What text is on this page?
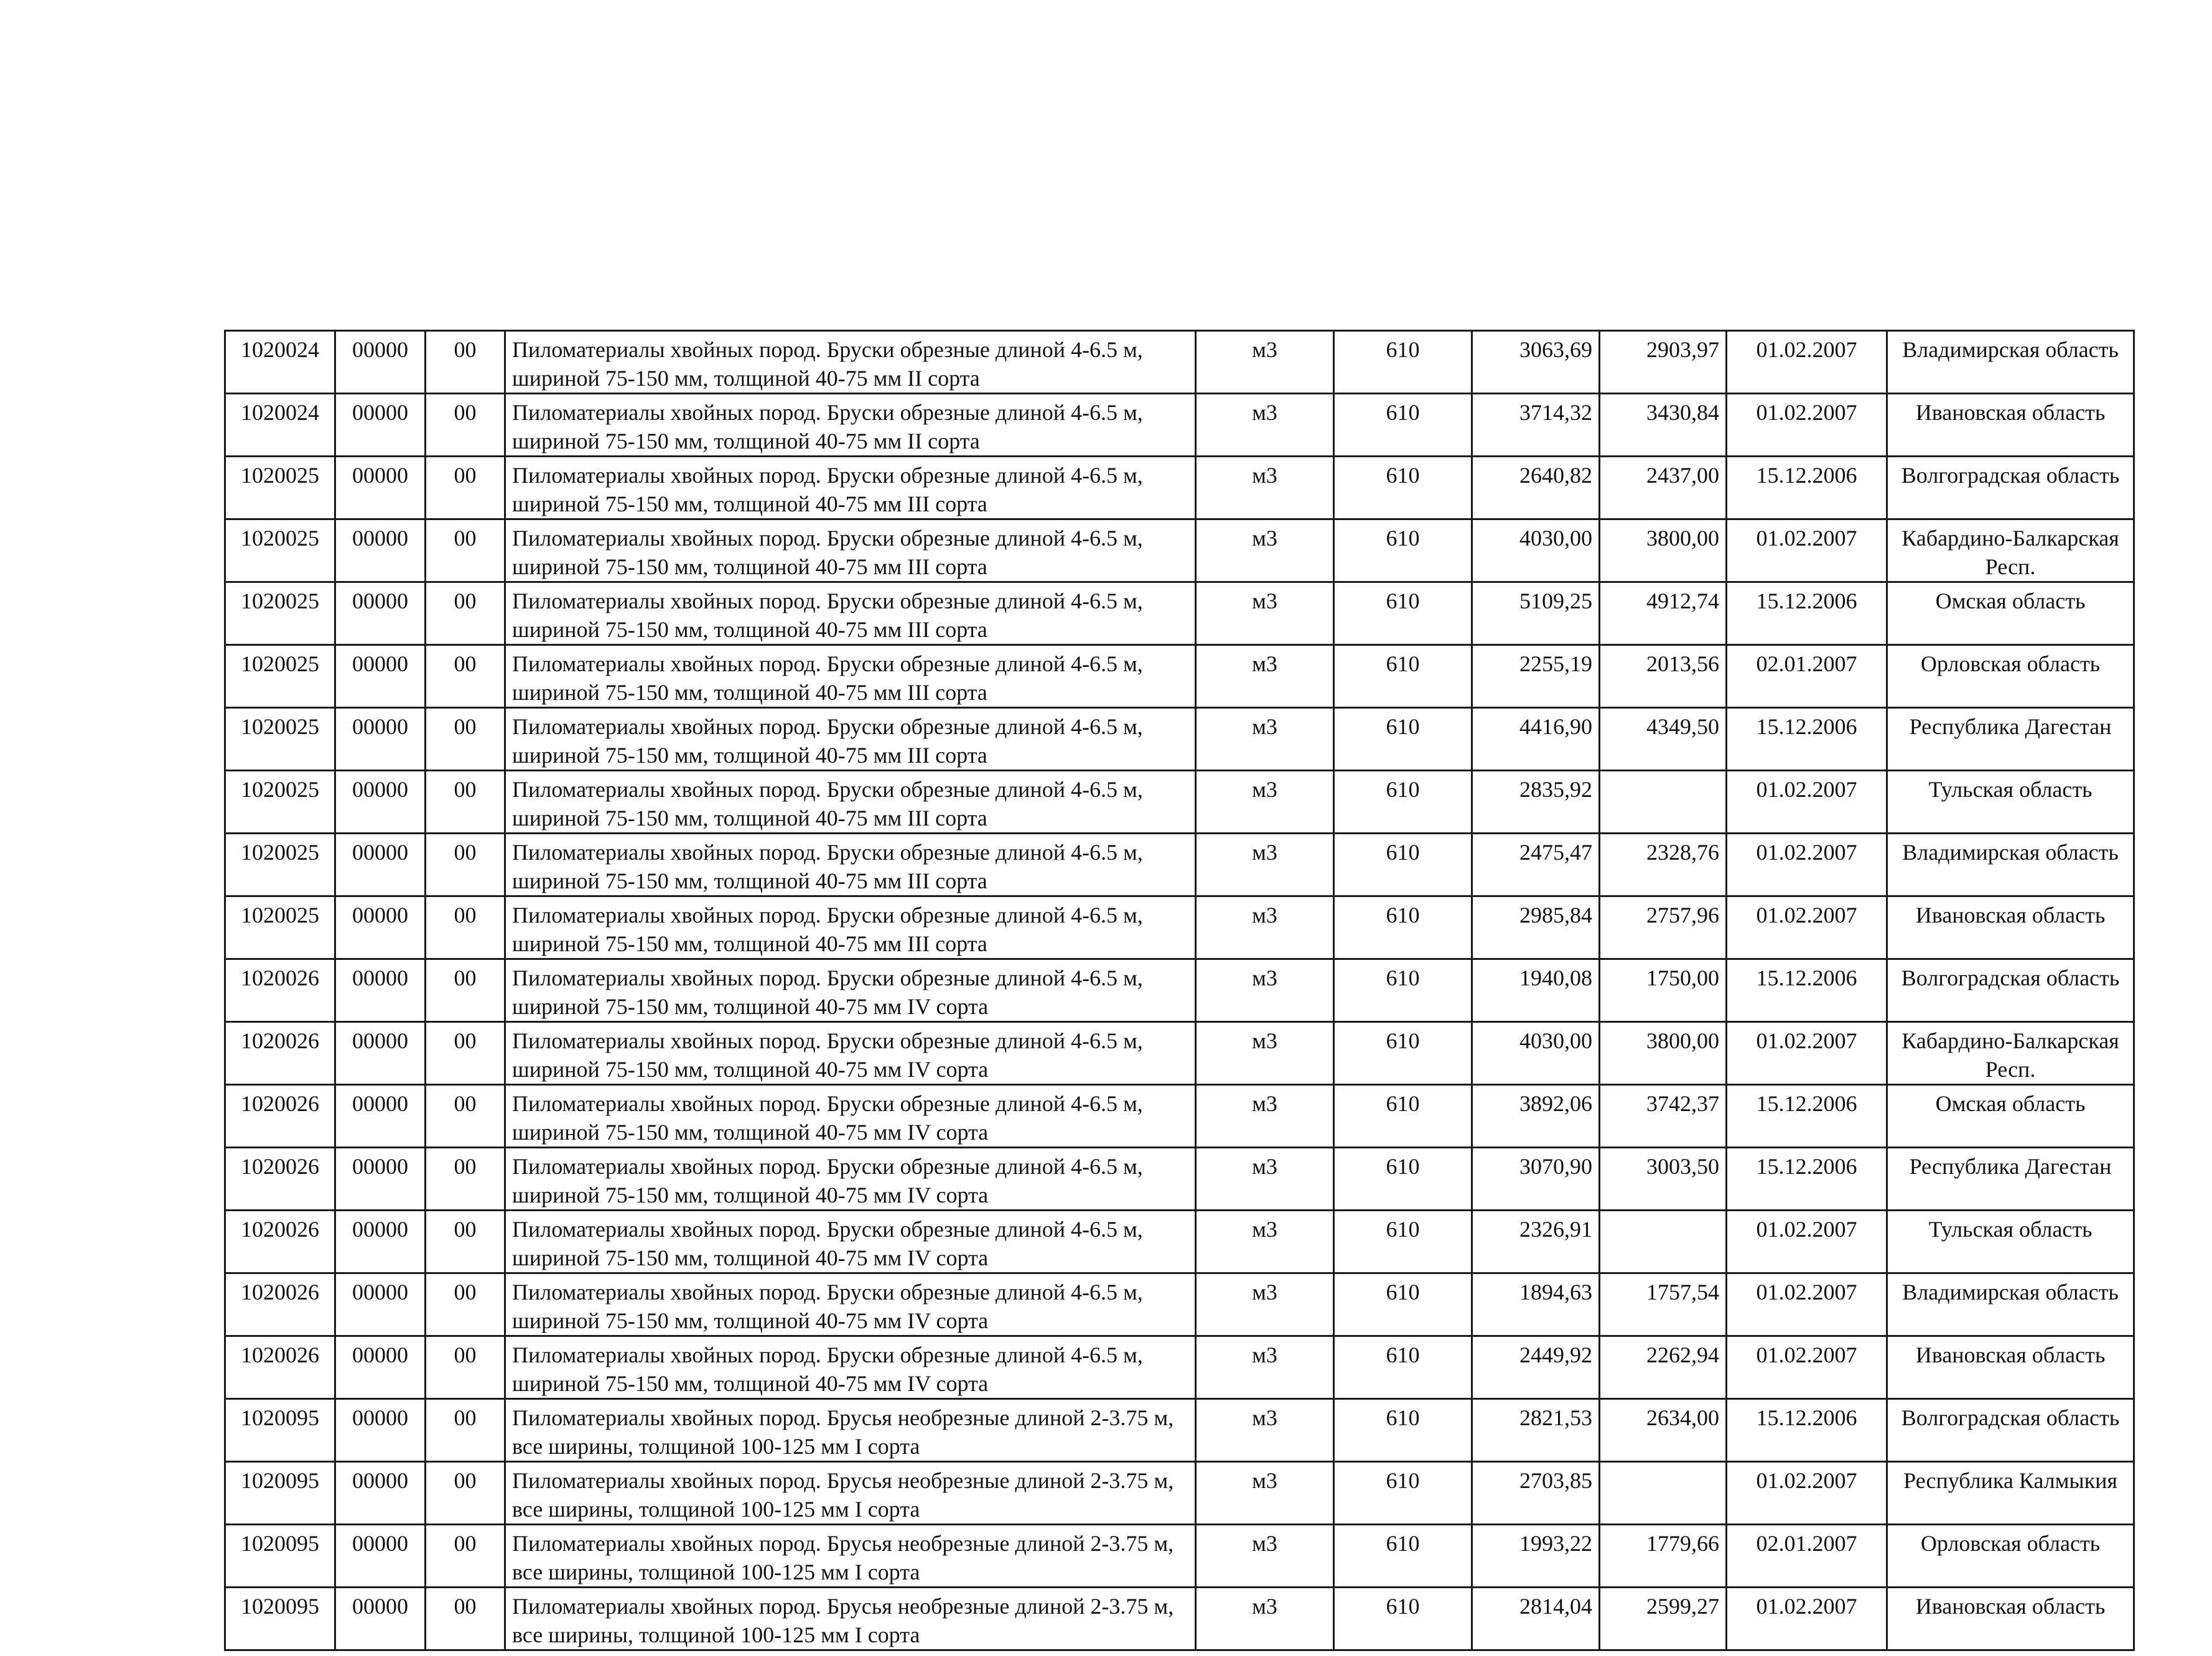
1020024	00000	00	Пиломатериалы хвойных пород. Бруски обрезные длиной 4-6.5 м, шириной 75-150 мм, толщиной 40-75 мм II сорта	м3	610	3063,69	2903,97	01.02.2007	Владимирская область
1020024	00000	00	Пиломатериалы хвойных пород. Бруски обрезные длиной 4-6.5 м, шириной 75-150 мм, толщиной 40-75 мм II сорта	м3	610	3714,32	3430,84	01.02.2007	Ивановская область
1020025	00000	00	Пиломатериалы хвойных пород. Бруски обрезные длиной 4-6.5 м, шириной 75-150 мм, толщиной 40-75 мм III сорта	м3	610	2640,82	2437,00	15.12.2006	Волгоградская область
1020025	00000	00	Пиломатериалы хвойных пород. Бруски обрезные длиной 4-6.5 м, шириной 75-150 мм, толщиной 40-75 мм III сорта	м3	610	4030,00	3800,00	01.02.2007	Кабардино-Балкарская Респ.
1020025	00000	00	Пиломатериалы хвойных пород. Бруски обрезные длиной 4-6.5 м, шириной 75-150 мм, толщиной 40-75 мм III сорта	м3	610	5109,25	4912,74	15.12.2006	Омская область
1020025	00000	00	Пиломатериалы хвойных пород. Бруски обрезные длиной 4-6.5 м, шириной 75-150 мм, толщиной 40-75 мм III сорта	м3	610	2255,19	2013,56	02.01.2007	Орловская область
1020025	00000	00	Пиломатериалы хвойных пород. Бруски обрезные длиной 4-6.5 м, шириной 75-150 мм, толщиной 40-75 мм III сорта	м3	610	4416,90	4349,50	15.12.2006	Республика Дагестан
1020025	00000	00	Пиломатериалы хвойных пород. Бруски обрезные длиной 4-6.5 м, шириной 75-150 мм, толщиной 40-75 мм III сорта	м3	610	2835,92		01.02.2007	Тульская область
1020025	00000	00	Пиломатериалы хвойных пород. Бруски обрезные длиной 4-6.5 м, шириной 75-150 мм, толщиной 40-75 мм III сорта	м3	610	2475,47	2328,76	01.02.2007	Владимирская область
1020025	00000	00	Пиломатериалы хвойных пород. Бруски обрезные длиной 4-6.5 м, шириной 75-150 мм, толщиной 40-75 мм III сорта	м3	610	2985,84	2757,96	01.02.2007	Ивановская область
1020026	00000	00	Пиломатериалы хвойных пород. Бруски обрезные длиной 4-6.5 м, шириной 75-150 мм, толщиной 40-75 мм IV сорта	м3	610	1940,08	1750,00	15.12.2006	Волгоградская область
1020026	00000	00	Пиломатериалы хвойных пород. Бруски обрезные длиной 4-6.5 м, шириной 75-150 мм, толщиной 40-75 мм IV сорта	м3	610	4030,00	3800,00	01.02.2007	Кабардино-Балкарская Респ.
1020026	00000	00	Пиломатериалы хвойных пород. Бруски обрезные длиной 4-6.5 м, шириной 75-150 мм, толщиной 40-75 мм IV сорта	м3	610	3892,06	3742,37	15.12.2006	Омская область
1020026	00000	00	Пиломатериалы хвойных пород. Бруски обрезные длиной 4-6.5 м, шириной 75-150 мм, толщиной 40-75 мм IV сорта	м3	610	3070,90	3003,50	15.12.2006	Республика Дагестан
1020026	00000	00	Пиломатериалы хвойных пород. Бруски обрезные длиной 4-6.5 м, шириной 75-150 мм, толщиной 40-75 мм IV сорта	м3	610	2326,91		01.02.2007	Тульская область
1020026	00000	00	Пиломатериалы хвойных пород. Бруски обрезные длиной 4-6.5 м, шириной 75-150 мм, толщиной 40-75 мм IV сорта	м3	610	1894,63	1757,54	01.02.2007	Владимирская область
1020026	00000	00	Пиломатериалы хвойных пород. Бруски обрезные длиной 4-6.5 м, шириной 75-150 мм, толщиной 40-75 мм IV сорта	м3	610	2449,92	2262,94	01.02.2007	Ивановская область
1020095	00000	00	Пиломатериалы хвойных пород. Брусья необрезные длиной 2-3.75 м, все ширины, толщиной 100-125 мм I сорта	м3	610	2821,53	2634,00	15.12.2006	Волгоградская область
1020095	00000	00	Пиломатериалы хвойных пород. Брусья необрезные длиной 2-3.75 м, все ширины, толщиной 100-125 мм I сорта	м3	610	2703,85		01.02.2007	Республика Калмыкия
1020095	00000	00	Пиломатериалы хвойных пород. Брусья необрезные длиной 2-3.75 м, все ширины, толщиной 100-125 мм I сорта	м3	610	1993,22	1779,66	02.01.2007	Орловская область
1020095	00000	00	Пиломатериалы хвойных пород. Брусья необрезные длиной 2-3.75 м, все ширины, толщиной 100-125 мм I сорта	м3	610	2814,04	2599,27	01.02.2007	Ивановская область
